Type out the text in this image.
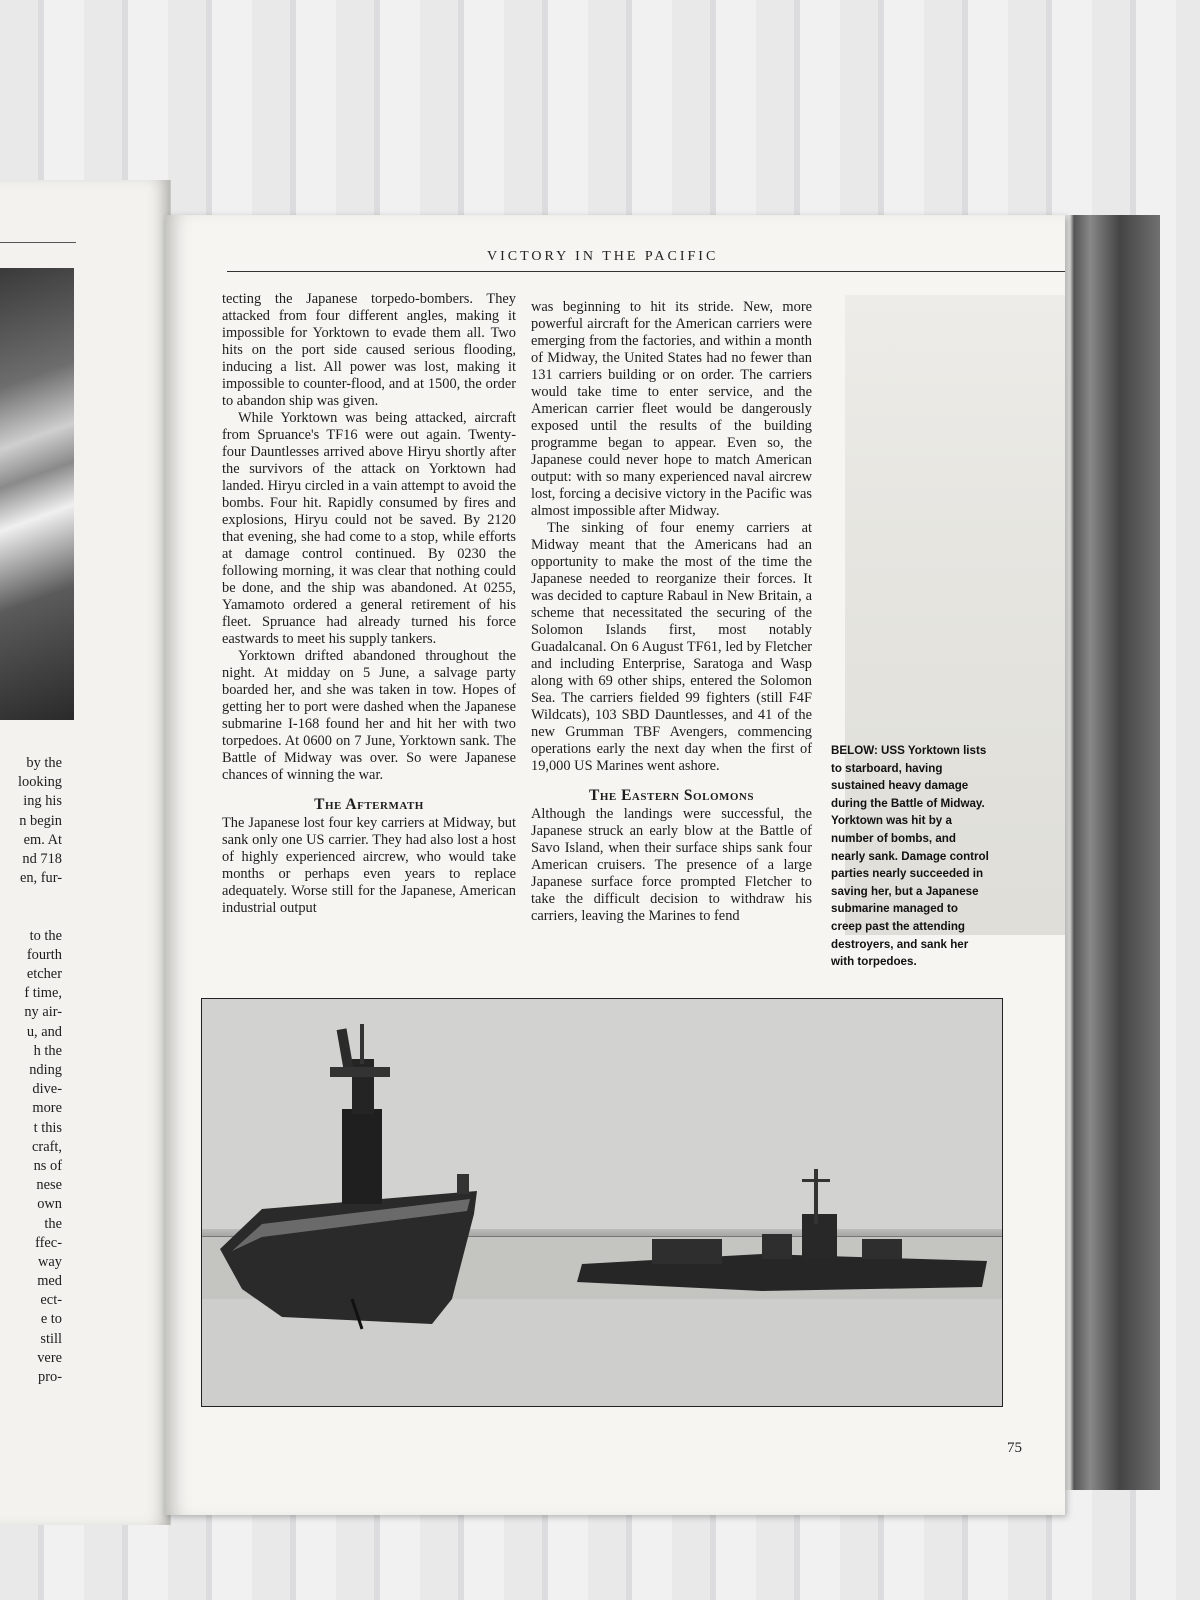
by the
looking
ing his
n begin
em. At
nd 718
en, fur-
to the
fourth
etcher
f time,
ny air-
u, and
h the
nding
dive-
more
t this
craft,
ns of
nese
own
the
ffec-
way
med
ect-
e to
still
vere
pro-
VICTORY IN THE PACIFIC

tecting the Japanese torpedo-bombers. They attacked from four different angles, making it impossible for Yorktown to evade them all. Two hits on the port side caused serious flooding, inducing a list. All power was lost, making it impossible to counter-flood, and at 1500, the order to abandon ship was given.

While Yorktown was being attacked, aircraft from Spruance's TF16 were out again. Twenty-four Dauntlesses arrived above Hiryu shortly after the survivors of the attack on Yorktown had landed. Hiryu circled in a vain attempt to avoid the bombs. Four hit. Rapidly consumed by fires and explosions, Hiryu could not be saved. By 2120 that evening, she had come to a stop, while efforts at damage control continued. By 0230 the following morning, it was clear that nothing could be done, and the ship was abandoned. At 0255, Yamamoto ordered a general retirement of his fleet. Spruance had already turned his force eastwards to meet his supply tankers.

Yorktown drifted abandoned throughout the night. At midday on 5 June, a salvage party boarded her, and she was taken in tow. Hopes of getting her to port were dashed when the Japanese submarine I-168 found her and hit her with two torpedoes. At 0600 on 7 June, Yorktown sank. The Battle of Midway was over. So were Japanese chances of winning the war.

The Aftermath

The Japanese lost four key carriers at Midway, but sank only one US carrier. They had also lost a host of highly experienced aircrew, who would take months or perhaps even years to replace adequately. Worse still for the Japanese, American industrial output

was beginning to hit its stride. New, more powerful aircraft for the American carriers were emerging from the factories, and within a month of Midway, the United States had no fewer than 131 carriers building or on order. The carriers would take time to enter service, and the American carrier fleet would be dangerously exposed until the results of the building programme began to appear. Even so, the Japanese could never hope to match American output: with so many experienced naval aircrew lost, forcing a decisive victory in the Pacific was almost impossible after Midway.

The sinking of four enemy carriers at Midway meant that the Americans had an opportunity to make the most of the time the Japanese needed to reorganize their forces. It was decided to capture Rabaul in New Britain, a scheme that necessitated the securing of the Solomon Islands first, most notably Guadalcanal. On 6 August TF61, led by Fletcher and including Enterprise, Saratoga and Wasp along with 69 other ships, entered the Solomon Sea. The carriers fielded 99 fighters (still F4F Wildcats), 103 SBD Dauntlesses, and 41 of the new Grumman TBF Avengers, commencing operations early the next day when the first of 19,000 US Marines went ashore.

The Eastern Solomons

Although the landings were successful, the Japanese struck an early blow at the Battle of Savo Island, when their surface ships sank four American cruisers. The presence of a large Japanese surface force prompted Fletcher to take the difficult decision to withdraw his carriers, leaving the Marines to fend

BELOW: USS Yorktown lists to starboard, having sustained heavy damage during the Battle of Midway. Yorktown was hit by a number of bombs, and nearly sank. Damage control parties nearly succeeded in saving her, but a Japanese submarine managed to creep past the attending destroyers, and sank her with torpedoes.
75
